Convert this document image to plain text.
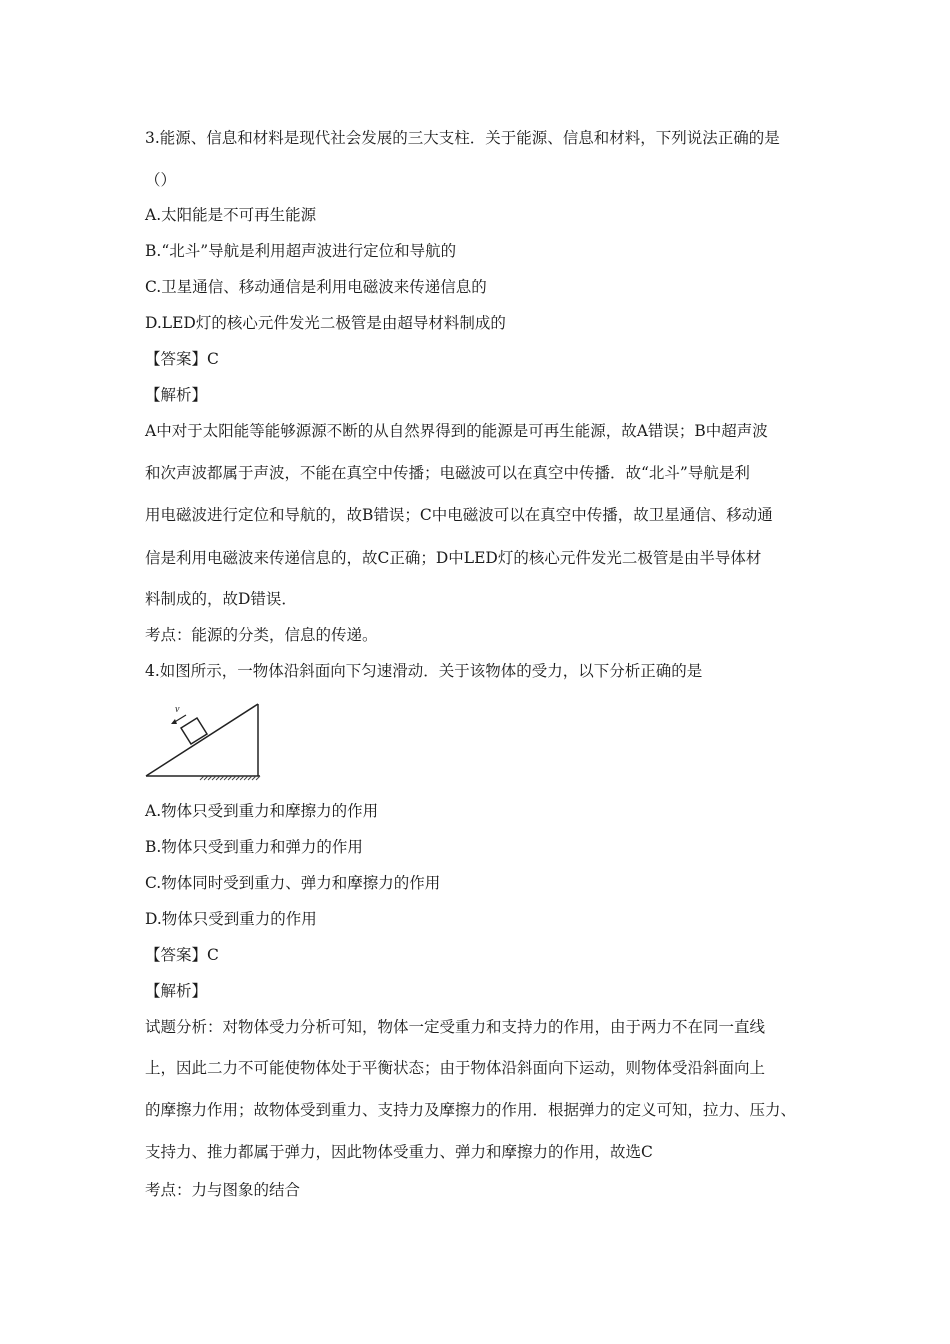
3.能源、信息和材料是现代社会发展的三大支柱．关于能源、信息和材料，下列说法正确的是

（）

A.太阳能是不可再生能源

B.“北斗”导航是利用超声波进行定位和导航的

C.卫星通信、移动通信是利用电磁波来传递信息的

D.LED灯的核心元件发光二极管是由超导材料制成的

【答案】C

【解析】

A中对于太阳能等能够源源不断的从自然界得到的能源是可再生能源，故A错误；B中超声波

和次声波都属于声波，不能在真空中传播；电磁波可以在真空中传播．故“北斗”导航是利

用电磁波进行定位和导航的，故B错误；C中电磁波可以在真空中传播，故卫星通信、移动通

信是利用电磁波来传递信息的，故C正确；D中LED灯的核心元件发光二极管是由半导体材

料制成的，故D错误．

考点：能源的分类，信息的传递。

4.如图所示，一物体沿斜面向下匀速滑动．关于该物体的受力，以下分析正确的是

v

A.物体只受到重力和摩擦力的作用

B.物体只受到重力和弹力的作用

C.物体同时受到重力、弹力和摩擦力的作用

D.物体只受到重力的作用

【答案】C

【解析】

试题分析：对物体受力分析可知，物体一定受重力和支持力的作用，由于两力不在同一直线

上，因此二力不可能使物体处于平衡状态；由于物体沿斜面向下运动，则物体受沿斜面向上

的摩擦力作用；故物体受到重力、支持力及摩擦力的作用．根据弹力的定义可知，拉力、压力、

支持力、推力都属于弹力，因此物体受重力、弹力和摩擦力的作用，故选C

考点：力与图象的结合
